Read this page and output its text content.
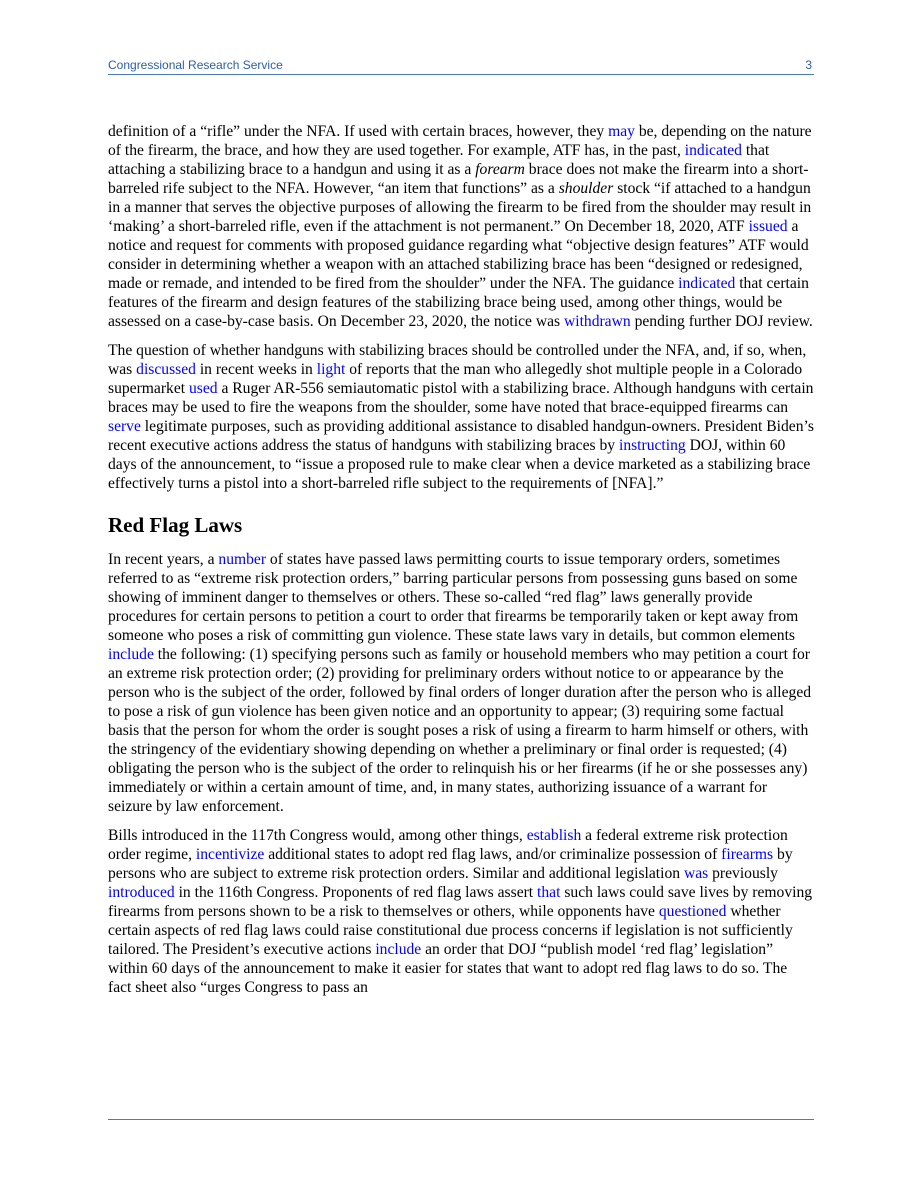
Congressional Research Service	3

definition of a “rifle” under the NFA. If used with certain braces, however, they may be, depending on the nature of the firearm, the brace, and how they are used together. For example, ATF has, in the past, indicated that attaching a stabilizing brace to a handgun and using it as a forearm brace does not make the firearm into a short-barreled rife subject to the NFA. However, “an item that functions” as a shoulder stock “if attached to a handgun in a manner that serves the objective purposes of allowing the firearm to be fired from the shoulder may result in ‘making’ a short-barreled rifle, even if the attachment is not permanent.” On December 18, 2020, ATF issued a notice and request for comments with proposed guidance regarding what “objective design features” ATF would consider in determining whether a weapon with an attached stabilizing brace has been “designed or redesigned, made or remade, and intended to be fired from the shoulder” under the NFA. The guidance indicated that certain features of the firearm and design features of the stabilizing brace being used, among other things, would be assessed on a case-by-case basis. On December 23, 2020, the notice was withdrawn pending further DOJ review.

The question of whether handguns with stabilizing braces should be controlled under the NFA, and, if so, when, was discussed in recent weeks in light of reports that the man who allegedly shot multiple people in a Colorado supermarket used a Ruger AR-556 semiautomatic pistol with a stabilizing brace. Although handguns with certain braces may be used to fire the weapons from the shoulder, some have noted that brace-equipped firearms can serve legitimate purposes, such as providing additional assistance to disabled handgun-owners. President Biden’s recent executive actions address the status of handguns with stabilizing braces by instructing DOJ, within 60 days of the announcement, to “issue a proposed rule to make clear when a device marketed as a stabilizing brace effectively turns a pistol into a short-barreled rifle subject to the requirements of [NFA].”

Red Flag Laws

In recent years, a number of states have passed laws permitting courts to issue temporary orders, sometimes referred to as “extreme risk protection orders,” barring particular persons from possessing guns based on some showing of imminent danger to themselves or others. These so-called “red flag” laws generally provide procedures for certain persons to petition a court to order that firearms be temporarily taken or kept away from someone who poses a risk of committing gun violence. These state laws vary in details, but common elements include the following: (1) specifying persons such as family or household members who may petition a court for an extreme risk protection order; (2) providing for preliminary orders without notice to or appearance by the person who is the subject of the order, followed by final orders of longer duration after the person who is alleged to pose a risk of gun violence has been given notice and an opportunity to appear; (3) requiring some factual basis that the person for whom the order is sought poses a risk of using a firearm to harm himself or others, with the stringency of the evidentiary showing depending on whether a preliminary or final order is requested; (4) obligating the person who is the subject of the order to relinquish his or her firearms (if he or she possesses any) immediately or within a certain amount of time, and, in many states, authorizing issuance of a warrant for seizure by law enforcement.

Bills introduced in the 117th Congress would, among other things, establish a federal extreme risk protection order regime, incentivize additional states to adopt red flag laws, and/or criminalize possession of firearms by persons who are subject to extreme risk protection orders. Similar and additional legislation was previously introduced in the 116th Congress. Proponents of red flag laws assert that such laws could save lives by removing firearms from persons shown to be a risk to themselves or others, while opponents have questioned whether certain aspects of red flag laws could raise constitutional due process concerns if legislation is not sufficiently tailored. The President’s executive actions include an order that DOJ “publish model ‘red flag’ legislation” within 60 days of the announcement to make it easier for states that want to adopt red flag laws to do so. The fact sheet also “urges Congress to pass an
